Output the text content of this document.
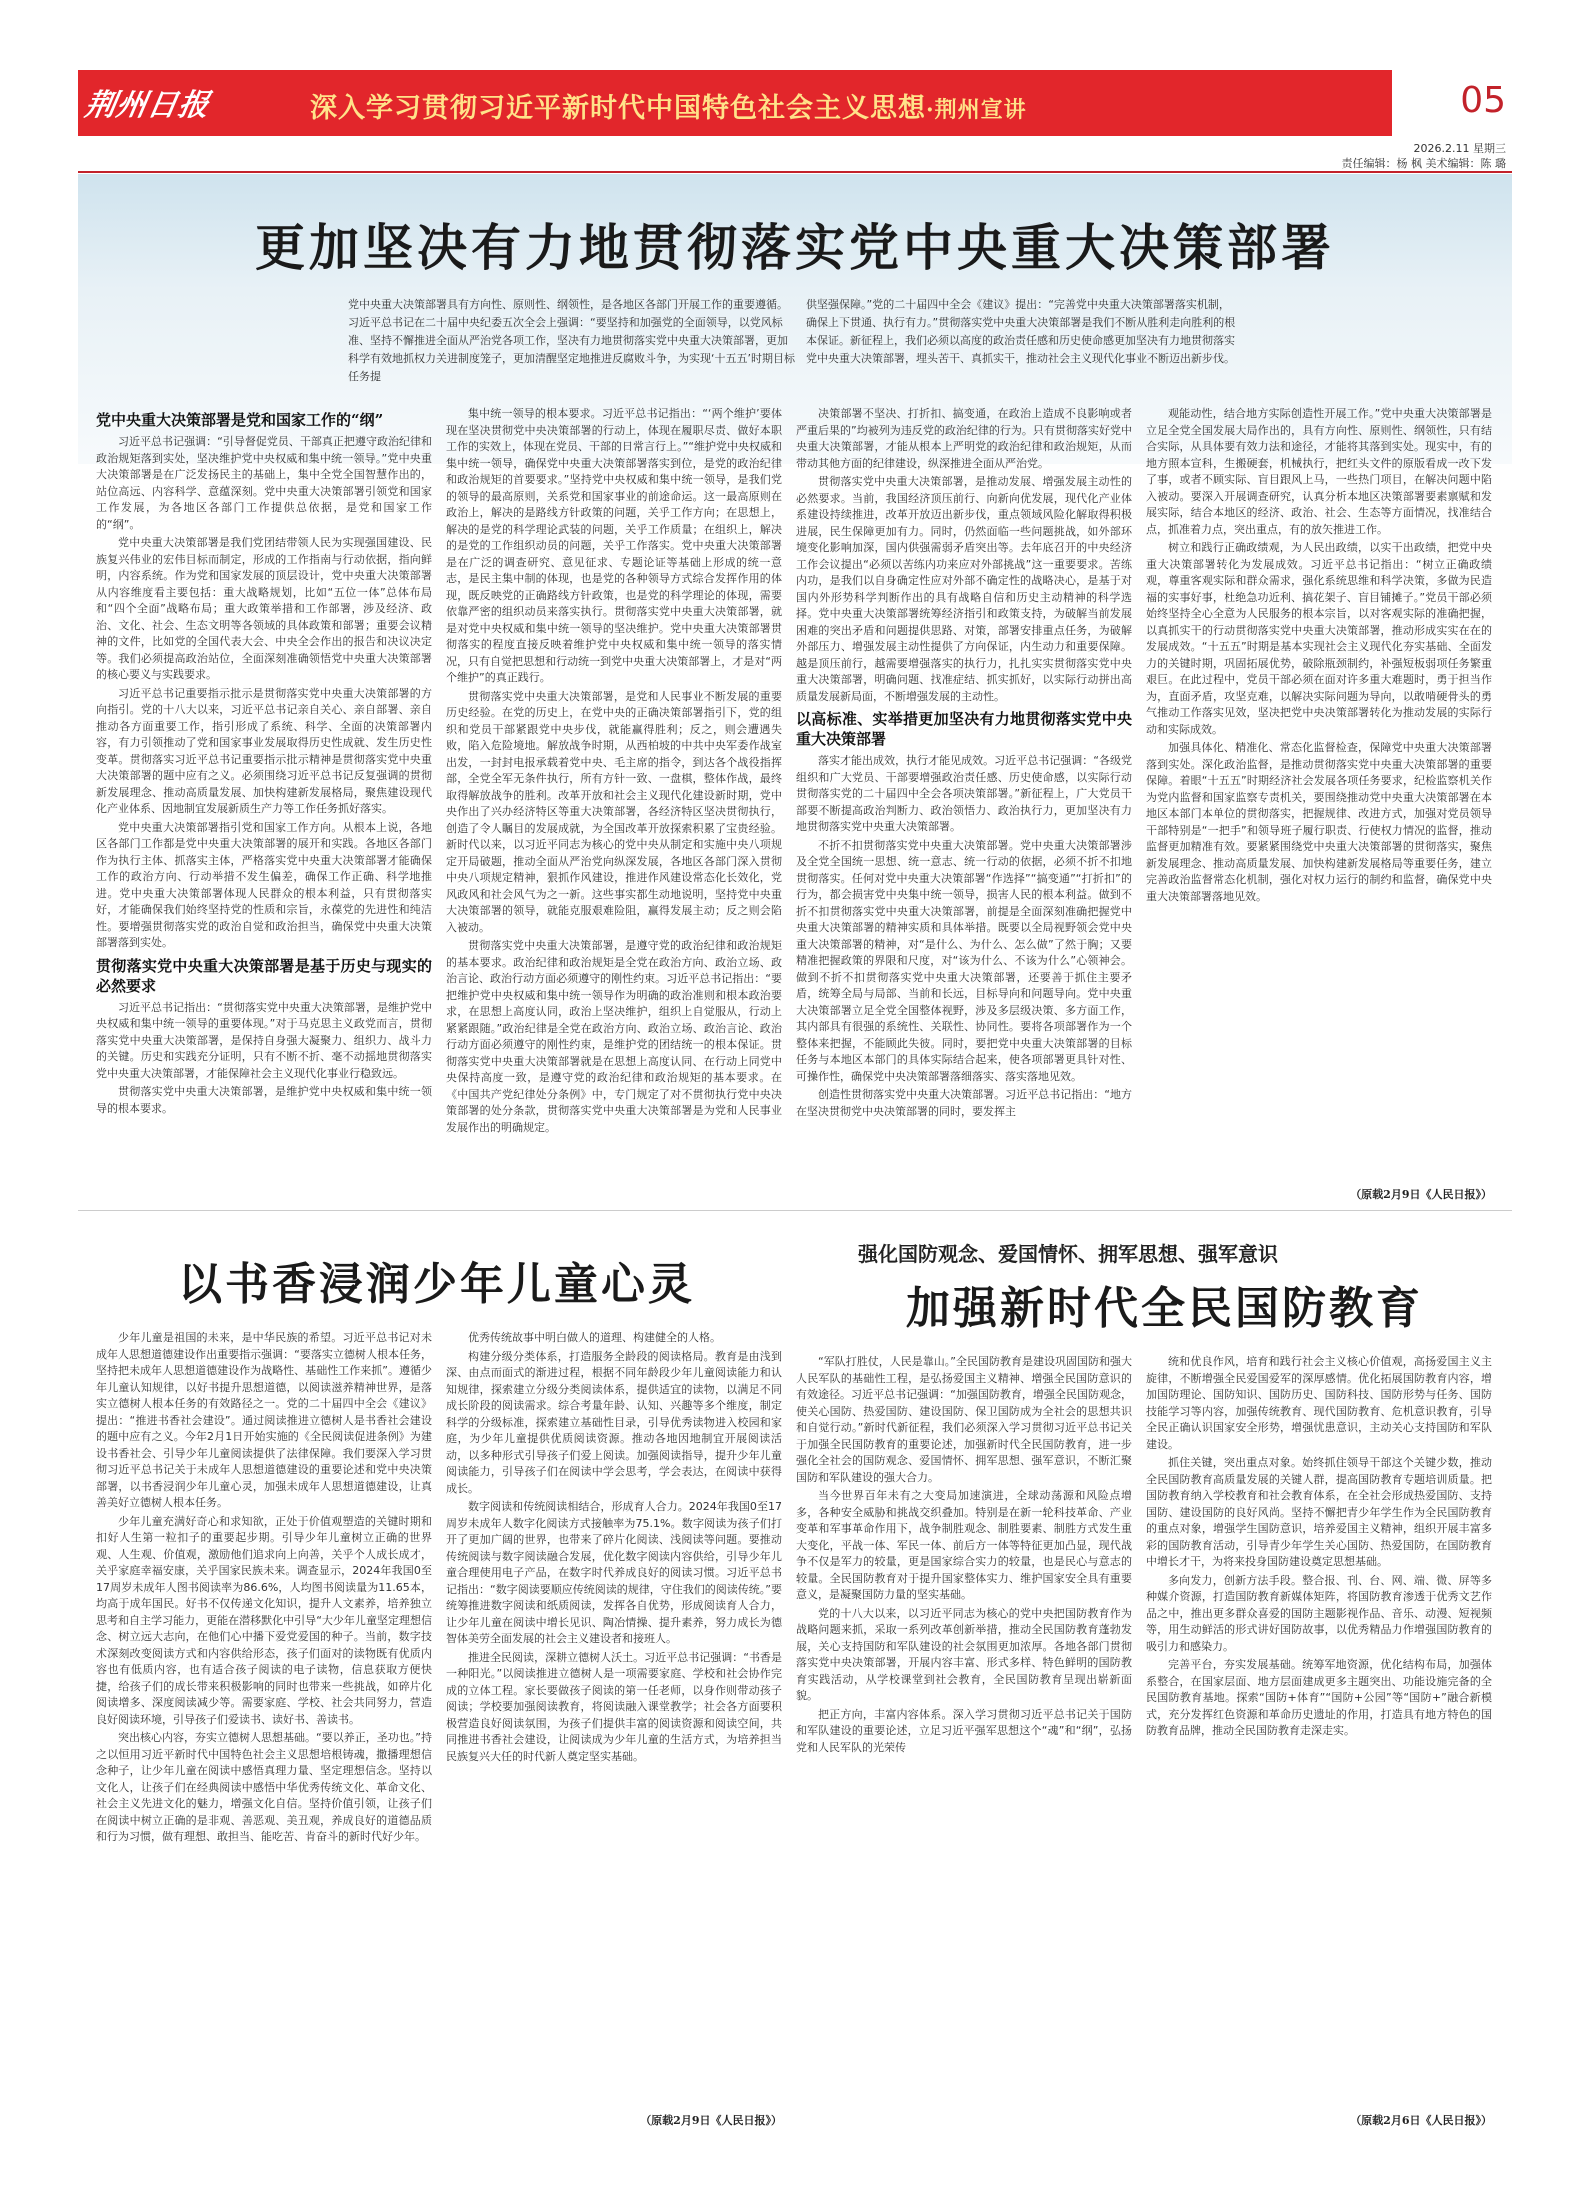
荆州日报	深入学习贯彻习近平新时代中国特色社会主义思想·荆州宣讲	05
2026.2.11 星期三
责任编辑：杨 枫 美术编辑：陈 璐
更加坚决有力地贯彻落实党中央重大决策部署
党中央重大决策部署具有方向性、原则性、纲领性，是各地区各部门开展工作的重要遵循。习近平总书记在二十届中央纪委五次全会上强调：“要坚持和加强党的全面领导，以党风标准、坚持不懈推进全面从严治党各项工作，坚决有力地贯彻落实党中央重大决策部署，更加科学有效地抓权力关进制度笼子，更加清醒坚定地推进反腐败斗争，为实现‘十五五’时期目标任务提
供坚强保障。”党的二十届四中全会《建议》提出：“完善党中央重大决策部署落实机制，确保上下贯通、执行有力。”贯彻落实党中央重大决策部署是我们不断从胜利走向胜利的根本保证。新征程上，我们必须以高度的政治责任感和历史使命感更加坚决有力地贯彻落实党中央重大决策部署，埋头苦干、真抓实干，推动社会主义现代化事业不断迈出新步伐。
党中央重大决策部署是党和国家工作的“纲”

习近平总书记强调：“引导督促党员、干部真正把遵守政治纪律和政治规矩落到实处，坚决维护党中央权威和集中统一领导。”党中央重大决策部署是在广泛发扬民主的基础上，集中全党全国智慧作出的，站位高远、内容科学、意蕴深刻。党中央重大决策部署引领党和国家工作发展，为各地区各部门工作提供总依据，是党和国家工作的“纲”。

党中央重大决策部署是我们党团结带领人民为实现强国建设、民族复兴伟业的宏伟目标而制定，形成的工作指南与行动依据，指向鲜明，内容系统。作为党和国家发展的顶层设计，党中央重大决策部署从内容维度看主要包括：重大战略规划，比如“五位一体”总体布局和“四个全面”战略布局；重大政策举措和工作部署，涉及经济、政治、文化、社会、生态文明等各领域的具体政策和部署；重要会议精神的文件，比如党的全国代表大会、中央全会作出的报告和决议决定等。我们必须提高政治站位，全面深刻准确领悟党中央重大决策部署的核心要义与实践要求。

习近平总书记重要指示批示是贯彻落实党中央重大决策部署的方向指引。党的十八大以来，习近平总书记亲自关心、亲自部署、亲自推动各方面重要工作，指引形成了系统、科学、全面的决策部署内容，有力引领推动了党和国家事业发展取得历史性成就、发生历史性变革。贯彻落实习近平总书记重要指示批示精神是贯彻落实党中央重大决策部署的题中应有之义。必须围绕习近平总书记反复强调的贯彻新发展理念、推动高质量发展、加快构建新发展格局，聚焦建设现代化产业体系、因地制宜发展新质生产力等工作任务抓好落实。

党中央重大决策部署指引党和国家工作方向。从根本上说，各地区各部门工作都是党中央重大决策部署的展开和实践。各地区各部门作为执行主体、抓落实主体，严格落实党中央重大决策部署才能确保工作的政治方向、行动举措不发生偏差，确保工作正确、科学地推进。党中央重大决策部署体现人民群众的根本利益，只有贯彻落实好，才能确保我们始终坚持党的性质和宗旨，永葆党的先进性和纯洁性。要增强贯彻落实党的政治自觉和政治担当，确保党中央重大决策部署落到实处。

贯彻落实党中央重大决策部署是基于历史与现实的必然要求

习近平总书记指出：“贯彻落实党中央重大决策部署，是维护党中央权威和集中统一领导的重要体现。”对于马克思主义政党而言，贯彻落实党中央重大决策部署，是保持自身强大凝聚力、组织力、战斗力的关键。历史和实践充分证明，只有不断不折、毫不动摇地贯彻落实党中央重大决策部署，才能保障社会主义现代化事业行稳致远。

贯彻落实党中央重大决策部署，是维护党中央权威和集中统一领导的根本要求。

集中统一领导的根本要求。习近平总书记指出：“‘两个维护’要体现在坚决贯彻党中央决策部署的行动上，体现在履职尽责、做好本职工作的实效上，体现在党员、干部的日常言行上。”“维护党中央权威和集中统一领导，确保党中央重大决策部署落实到位，是党的政治纪律和政治规矩的首要要求。”坚持党中央权威和集中统一领导，是我们党的领导的最高原则，关系党和国家事业的前途命运。这一最高原则在政治上，解决的是路线方针政策的问题，关乎工作方向；在思想上，解决的是党的科学理论武装的问题，关乎工作质量；在组织上，解决的是党的工作组织动员的问题，关乎工作落实。党中央重大决策部署是在广泛的调查研究、意见征求、专题论证等基础上形成的统一意志，是民主集中制的体现，也是党的各种领导方式综合发挥作用的体现，既反映党的正确路线方针政策，也是党的科学理论的体现，需要依靠严密的组织动员来落实执行。贯彻落实党中央重大决策部署，就是对党中央权威和集中统一领导的坚决维护。党中央重大决策部署贯彻落实的程度直接反映着维护党中央权威和集中统一领导的落实情况，只有自觉把思想和行动统一到党中央重大决策部署上，才是对“两个维护”的真正践行。

贯彻落实党中央重大决策部署，是党和人民事业不断发展的重要历史经验。在党的历史上，在党中央的正确决策部署指引下，党的组织和党员干部紧跟党中央步伐，就能赢得胜利；反之，则会遭遇失败，陷入危险境地。解放战争时期，从西柏坡的中共中央军委作战室出发，一封封电报承载着党中央、毛主席的指令，到达各个战役指挥部，全党全军无条件执行，所有方针一致、一盘棋，整体作战，最终取得解放战争的胜利。改革开放和社会主义现代化建设新时期，党中央作出了兴办经济特区等重大决策部署，各经济特区坚决贯彻执行，创造了令人瞩目的发展成就，为全国改革开放探索积累了宝贵经验。新时代以来，以习近平同志为核心的党中央从制定和实施中央八项规定开局破题，推动全面从严治党向纵深发展，各地区各部门深入贯彻中央八项规定精神，狠抓作风建设，推进作风建设常态化长效化，党风政风和社会风气为之一新。这些事实都生动地说明，坚持党中央重大决策部署的领导，就能克服艰难险阻，赢得发展主动；反之则会陷入被动。

贯彻落实党中央重大决策部署，是遵守党的政治纪律和政治规矩的基本要求。政治纪律和政治规矩是全党在政治方向、政治立场、政治言论、政治行动方面必须遵守的刚性约束。习近平总书记指出：“要把维护党中央权威和集中统一领导作为明确的政治准则和根本政治要求，在思想上高度认同，政治上坚决维护，组织上自觉服从，行动上紧紧跟随。”政治纪律是全党在政治方向、政治立场、政治言论、政治行动方面必须遵守的刚性约束，是维护党的团结统一的根本保证。贯彻落实党中央重大决策部署就是在思想上高度认同、在行动上同党中央保持高度一致，是遵守党的政治纪律和政治规矩的基本要求。在《中国共产党纪律处分条例》中，专门规定了对不贯彻执行党中央决策部署的处分条款，贯彻落实党中央重大决策部署是为党和人民事业发展作出的明确规定。

决策部署不坚决、打折扣、搞变通，在政治上造成不良影响或者严重后果的”均被列为违反党的政治纪律的行为。只有贯彻落实好党中央重大决策部署，才能从根本上严明党的政治纪律和政治规矩，从而带动其他方面的纪律建设，纵深推进全面从严治党。

贯彻落实党中央重大决策部署，是推动发展、增强发展主动性的必然要求。当前，我国经济顶压前行、向新向优发展，现代化产业体系建设持续推进，改革开放迈出新步伐，重点领域风险化解取得积极进展，民生保障更加有力。同时，仍然面临一些问题挑战，如外部环境变化影响加深，国内供强需弱矛盾突出等。去年底召开的中央经济工作会议提出“必须以苦练内功来应对外部挑战”这一重要要求。苦练内功，是我们以自身确定性应对外部不确定性的战略决心，是基于对国内外形势科学判断作出的具有战略自信和历史主动精神的科学选择。党中央重大决策部署统筹经济指引和政策支持，为破解当前发展困难的突出矛盾和问题提供思路、对策，部署安排重点任务，为破解外部压力、增强发展主动性提供了方向保证，内生动力和重要保障。越是顶压前行，越需要增强落实的执行力，扎扎实实贯彻落实党中央重大决策部署，明确问题、找准症结、抓实抓好，以实际行动拼出高质量发展新局面，不断增强发展的主动性。

以高标准、实举措更加坚决有力地贯彻落实党中央重大决策部署

落实才能出成效，执行才能见成效。习近平总书记强调：“各级党组织和广大党员、干部要增强政治责任感、历史使命感，以实际行动贯彻落实党的二十届四中全会各项决策部署。”新征程上，广大党员干部要不断提高政治判断力、政治领悟力、政治执行力，更加坚决有力地贯彻落实党中央重大决策部署。

不折不扣贯彻落实党中央重大决策部署。党中央重大决策部署涉及全党全国统一思想、统一意志、统一行动的依据，必须不折不扣地贯彻落实。任何对党中央重大决策部署“作选择”“搞变通”“打折扣”的行为，都会损害党中央集中统一领导，损害人民的根本利益。做到不折不扣贯彻落实党中央重大决策部署，前提是全面深刻准确把握党中央重大决策部署的精神实质和具体举措。既要以全局视野领会党中央重大决策部署的精神，对“是什么、为什么、怎么做”了然于胸；又要精准把握政策的界限和尺度，对“该为什么、不该为什么”心领神会。做到不折不扣贯彻落实党中央重大决策部署，还要善于抓住主要矛盾，统筹全局与局部、当前和长远，目标导向和问题导向。党中央重大决策部署立足全党全国整体视野，涉及多层级决策、多方面工作，其内部具有很强的系统性、关联性、协同性。要将各项部署作为一个整体来把握，不能顾此失彼。同时，要把党中央重大决策部署的目标任务与本地区本部门的具体实际结合起来，使各项部署更具针对性、可操作性，确保党中央决策部署落细落实、落实落地见效。

创造性贯彻落实党中央重大决策部署。习近平总书记指出：“地方在坚决贯彻党中央决策部署的同时，要发挥主

观能动性，结合地方实际创造性开展工作。”党中央重大决策部署是立足全党全国发展大局作出的，具有方向性、原则性、纲领性，只有结合实际，从具体要有效力法和途径，才能将其落到实处。现实中，有的地方照本宣科，生搬硬套，机械执行，把红头文件的原版看成一改下发了事，或者不顾实际、盲目跟风上马，一些热门项目，在解决问题中陷入被动。要深入开展调查研究，认真分析本地区决策部署要素禀赋和发展实际，结合本地区的经济、政治、社会、生态等方面情况，找准结合点，抓准着力点，突出重点，有的放矢推进工作。

树立和践行正确政绩观，为人民出政绩，以实干出政绩，把党中央重大决策部署转化为发展成效。习近平总书记指出：“树立正确政绩观，尊重客观实际和群众需求，强化系统思维和科学决策，多做为民造福的实事好事，杜绝急功近利、搞花架子、盲目铺摊子。”党员干部必须始终坚持全心全意为人民服务的根本宗旨，以对客观实际的准确把握，以真抓实干的行动贯彻落实党中央重大决策部署，推动形成实实在在的发展成效。“十五五”时期是基本实现社会主义现代化夯实基础、全面发力的关键时期，巩固拓展优势，破除瓶颈制约，补强短板弱项任务繁重艰巨。在此过程中，党员干部必须在面对许多重大难题时，勇于担当作为，直面矛盾，攻坚克难，以解决实际问题为导向，以敢啃硬骨头的勇气推动工作落实见效，坚决把党中央决策部署转化为推动发展的实际行动和实际成效。

加强具体化、精准化、常态化监督检查，保障党中央重大决策部署落到实处。深化政治监督，是推动贯彻落实党中央重大决策部署的重要保障。着眼“十五五”时期经济社会发展各项任务要求，纪检监察机关作为党内监督和国家监察专责机关，要围绕推动党中央重大决策部署在本地区本部门本单位的贯彻落实，把握规律、改进方式，加强对党员领导干部特别是“一把手”和领导班子履行职责、行使权力情况的监督，推动监督更加精准有效。要紧紧围绕党中央重大决策部署的贯彻落实，聚焦新发展理念、推动高质量发展、加快构建新发展格局等重要任务，建立完善政治监督常态化机制，强化对权力运行的制约和监督，确保党中央重大决策部署落地见效。

（原载2月9日《人民日报》）
以书香浸润少年儿童心灵

少年儿童是祖国的未来，是中华民族的希望。习近平总书记对未成年人思想道德建设作出重要指示强调：“要落实立德树人根本任务，坚持把未成年人思想道德建设作为战略性、基础性工作来抓”。遵循少年儿童认知规律，以好书提升思想道德，以阅读滋养精神世界，是落实立德树人根本任务的有效路径之一。党的二十届四中全会《建议》提出：“推进书香社会建设”。通过阅读推进立德树人是书香社会建设的题中应有之义。今年2月1日开始实施的《全民阅读促进条例》为建设书香社会、引导少年儿童阅读提供了法律保障。我们要深入学习贯彻习近平总书记关于未成年人思想道德建设的重要论述和党中央决策部署，以书香浸润少年儿童心灵，加强未成年人思想道德建设，让真善美好立德树人根本任务。

少年儿童充满好奇心和求知欲，正处于价值观塑造的关键时期和扣好人生第一粒扣子的重要起步期。引导少年儿童树立正确的世界观、人生观、价值观，激励他们追求向上向善，关乎个人成长成才，关乎家庭幸福安康，关乎国家民族未来。调查显示，2024年我国0至17周岁未成年人图书阅读率为86.6%，人均图书阅读量为11.65本，均高于成年国民。好书不仅传递文化知识，提升人文素养，培养独立思考和自主学习能力，更能在潜移默化中引导“大少年儿童坚定理想信念、树立远大志向，在他们心中播下爱党爱国的种子。当前，数字技术深刻改变阅读方式和内容供给形态，孩子们面对的读物既有优质内容也有低质内容，也有适合孩子阅读的电子读物，信息获取方便快捷，给孩子们的成长带来积极影响的同时也带来一些挑战，如碎片化阅读增多、深度阅读减少等。需要家庭、学校、社会共同努力，营造良好阅读环境，引导孩子们爱读书、读好书、善读书。

突出核心内容，夯实立德树人思想基础。“要以养正，圣功也。”持之以恒用习近平新时代中国特色社会主义思想培根铸魂，撒播理想信念种子，让少年儿童在阅读中感悟真理力量、坚定理想信念。坚持以文化人，让孩子们在经典阅读中感悟中华优秀传统文化、革命文化、社会主义先进文化的魅力，增强文化自信。坚持价值引领，让孩子们在阅读中树立正确的是非观、善恶观、美丑观，养成良好的道德品质和行为习惯，做有理想、敢担当、能吃苦、肯奋斗的新时代好少年。

优秀传统故事中明白做人的道理、构建健全的人格。

构建分级分类体系，打造服务全龄段的阅读格局。教育是由浅到深、由点而面式的渐进过程，根据不同年龄段少年儿童阅读能力和认知规律，探索建立分级分类阅读体系，提供适宜的读物，以满足不同成长阶段的阅读需求。综合考量年龄、认知、兴趣等多个维度，制定科学的分级标准，探索建立基础性目录，引导优秀读物进入校园和家庭，为少年儿童提供优质阅读资源。推动各地因地制宜开展阅读活动，以多种形式引导孩子们爱上阅读。加强阅读指导，提升少年儿童阅读能力，引导孩子们在阅读中学会思考，学会表达，在阅读中获得成长。

数字阅读和传统阅读相结合，形成育人合力。2024年我国0至17周岁未成年人数字化阅读方式接触率为75.1%。数字阅读为孩子们打开了更加广阔的世界，也带来了碎片化阅读、浅阅读等问题。要推动传统阅读与数字阅读融合发展，优化数字阅读内容供给，引导少年儿童合理使用电子产品，在数字时代养成良好的阅读习惯。习近平总书记指出：“数字阅读要顺应传统阅读的规律，守住我们的阅读传统。”要统筹推进数字阅读和纸质阅读，发挥各自优势，形成阅读育人合力，让少年儿童在阅读中增长见识、陶冶情操、提升素养，努力成长为德智体美劳全面发展的社会主义建设者和接班人。

推进全民阅读，深耕立德树人沃土。习近平总书记强调：“书香是一种阳光。”以阅读推进立德树人是一项需要家庭、学校和社会协作完成的立体工程。家长要做孩子阅读的第一任老师，以身作则带动孩子阅读；学校要加强阅读教育，将阅读融入课堂教学；社会各方面要积极营造良好阅读氛围，为孩子们提供丰富的阅读资源和阅读空间，共同推进书香社会建设，让阅读成为少年儿童的生活方式，为培养担当民族复兴大任的时代新人奠定坚实基础。

（原载2月9日《人民日报》）
强化国防观念、爱国情怀、拥军思想、强军意识
加强新时代全民国防教育

“军队打胜仗，人民是靠山。”全民国防教育是建设巩固国防和强大人民军队的基础性工程，是弘扬爱国主义精神、增强全民国防意识的有效途径。习近平总书记强调：“加强国防教育，增强全民国防观念，使关心国防、热爱国防、建设国防、保卫国防成为全社会的思想共识和自觉行动。”新时代新征程，我们必须深入学习贯彻习近平总书记关于加强全民国防教育的重要论述，加强新时代全民国防教育，进一步强化全社会的国防观念、爱国情怀、拥军思想、强军意识，不断汇聚国防和军队建设的强大合力。

当今世界百年未有之大变局加速演进，全球动荡源和风险点增多，各种安全威胁和挑战交织叠加。特别是在新一轮科技革命、产业变革和军事革命作用下，战争制胜观念、制胜要素、制胜方式发生重大变化，平战一体、军民一体、前后方一体等特征更加凸显，现代战争不仅是军力的较量，更是国家综合实力的较量，也是民心与意志的较量。全民国防教育对于提升国家整体实力、维护国家安全具有重要意义，是凝聚国防力量的坚实基础。

党的十八大以来，以习近平同志为核心的党中央把国防教育作为战略问题来抓，采取一系列改革创新举措，推动全民国防教育蓬勃发展，关心支持国防和军队建设的社会氛围更加浓厚。各地各部门贯彻落实党中央决策部署，开展内容丰富、形式多样、特色鲜明的国防教育实践活动，从学校课堂到社会教育，全民国防教育呈现出崭新面貌。

把正方向，丰富内容体系。深入学习贯彻习近平总书记关于国防和军队建设的重要论述，立足习近平强军思想这个“魂”和“纲”，弘扬党和人民军队的光荣传

统和优良作风，培育和践行社会主义核心价值观，高扬爱国主义主旋律，不断增强全民爱国爱军的深厚感情。优化拓展国防教育内容，增加国防理论、国防知识、国防历史、国防科技、国防形势与任务、国防技能学习等内容，加强传统教育、现代国防教育、危机意识教育，引导全民正确认识国家安全形势，增强忧患意识，主动关心支持国防和军队建设。

抓住关键，突出重点对象。始终抓住领导干部这个关键少数，推动全民国防教育高质量发展的关键人群，提高国防教育专题培训质量。把国防教育纳入学校教育和社会教育体系，在全社会形成热爱国防、支持国防、建设国防的良好风尚。坚持不懈把青少年学生作为全民国防教育的重点对象，增强学生国防意识，培养爱国主义精神，组织开展丰富多彩的国防教育活动，引导青少年学生关心国防、热爱国防，在国防教育中增长才干，为将来投身国防建设奠定思想基础。

多向发力，创新方法手段。整合报、刊、台、网、端、微、屏等多种媒介资源，打造国防教育新媒体矩阵，将国防教育渗透于优秀文艺作品之中，推出更多群众喜爱的国防主题影视作品、音乐、动漫、短视频等，用生动鲜活的形式讲好国防故事，以优秀精品力作增强国防教育的吸引力和感染力。

完善平台，夯实发展基础。统筹军地资源，优化结构布局，加强体系整合，在国家层面、地方层面建成更多主题突出、功能设施完备的全民国防教育基地。探索“国防+体育”“国防+公园”等“国防+”融合新模式，充分发挥红色资源和革命历史遗址的作用，打造具有地方特色的国防教育品牌，推动全民国防教育走深走实。

（原载2月6日《人民日报》）
